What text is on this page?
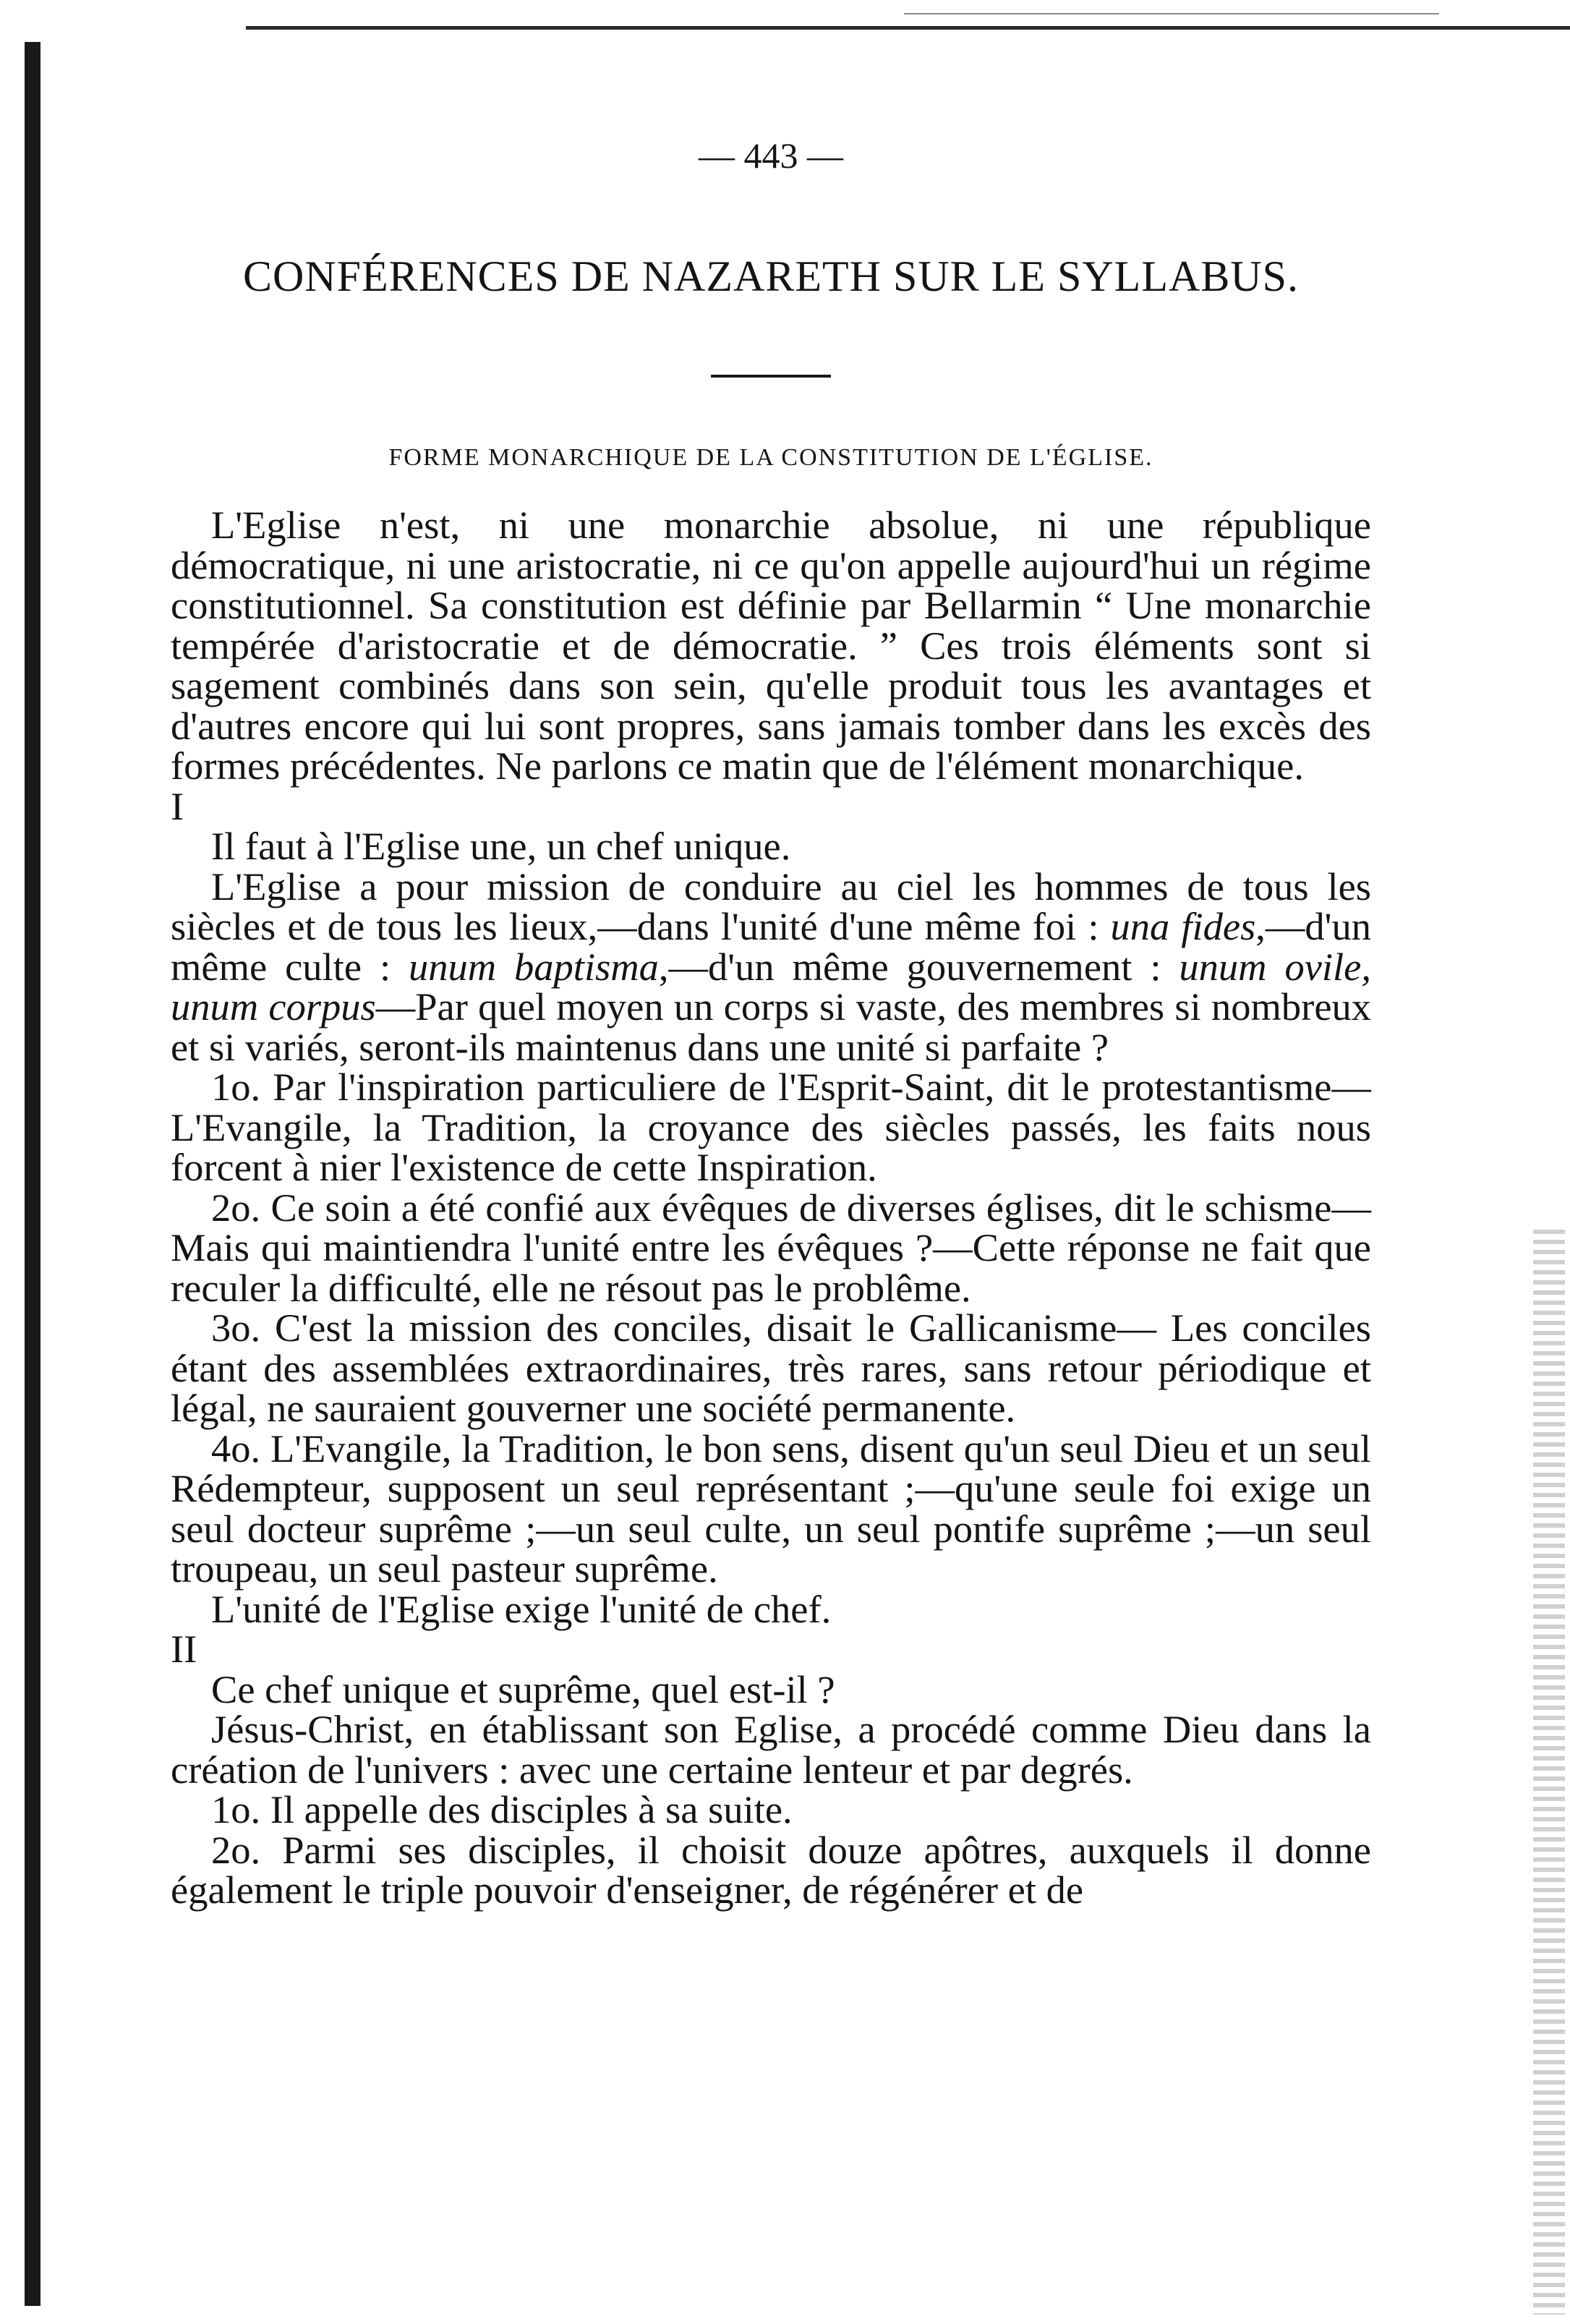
— 443 —
CONFÉRENCES DE NAZARETH SUR LE SYLLABUS.
FORME MONARCHIQUE DE LA CONSTITUTION DE L'ÉGLISE.

L'Eglise n'est, ni une monarchie absolue, ni une république démocratique, ni une aristocratie, ni ce qu'on appelle aujourd'hui un régime constitutionnel. Sa constitution est définie par Bellarmin “ Une monarchie tempérée d'aristocratie et de démocratie. ” Ces trois éléments sont si sagement combinés dans son sein, qu'elle produit tous les avantages et d'autres encore qui lui sont propres, sans jamais tomber dans les excès des formes précédentes. Ne parlons ce matin que de l'élément monarchique.

I

Il faut à l'Eglise une, un chef unique.

L'Eglise a pour mission de conduire au ciel les hommes de tous les siècles et de tous les lieux,—dans l'unité d'une même foi : una fides,—d'un même culte : unum baptisma,—d'un même gouvernement : unum ovile, unum corpus—Par quel moyen un corps si vaste, des membres si nombreux et si variés, seront-ils maintenus dans une unité si parfaite ?

1o. Par l'inspiration particuliere de l'Esprit-Saint, dit le protestantisme—L'Evangile, la Tradition, la croyance des siècles passés, les faits nous forcent à nier l'existence de cette Inspiration.

2o. Ce soin a été confié aux évêques de diverses églises, dit le schisme—Mais qui maintiendra l'unité entre les évêques ?—Cette réponse ne fait que reculer la difficulté, elle ne résout pas le problême.

3o. C'est la mission des conciles, disait le Gallicanisme— Les conciles étant des assemblées extraordinaires, très rares, sans retour périodique et légal, ne sauraient gouverner une société permanente.

4o. L'Evangile, la Tradition, le bon sens, disent qu'un seul Dieu et un seul Rédempteur, supposent un seul représentant ;—qu'une seule foi exige un seul docteur suprême ;—un seul culte, un seul pontife suprême ;—un seul troupeau, un seul pasteur suprême.

L'unité de l'Eglise exige l'unité de chef.

II

Ce chef unique et suprême, quel est-il ?

Jésus-Christ, en établissant son Eglise, a procédé comme Dieu dans la création de l'univers : avec une certaine lenteur et par degrés.

1o. Il appelle des disciples à sa suite.

2o. Parmi ses disciples, il choisit douze apôtres, auxquels il donne également le triple pouvoir d'enseigner, de régénérer et de
